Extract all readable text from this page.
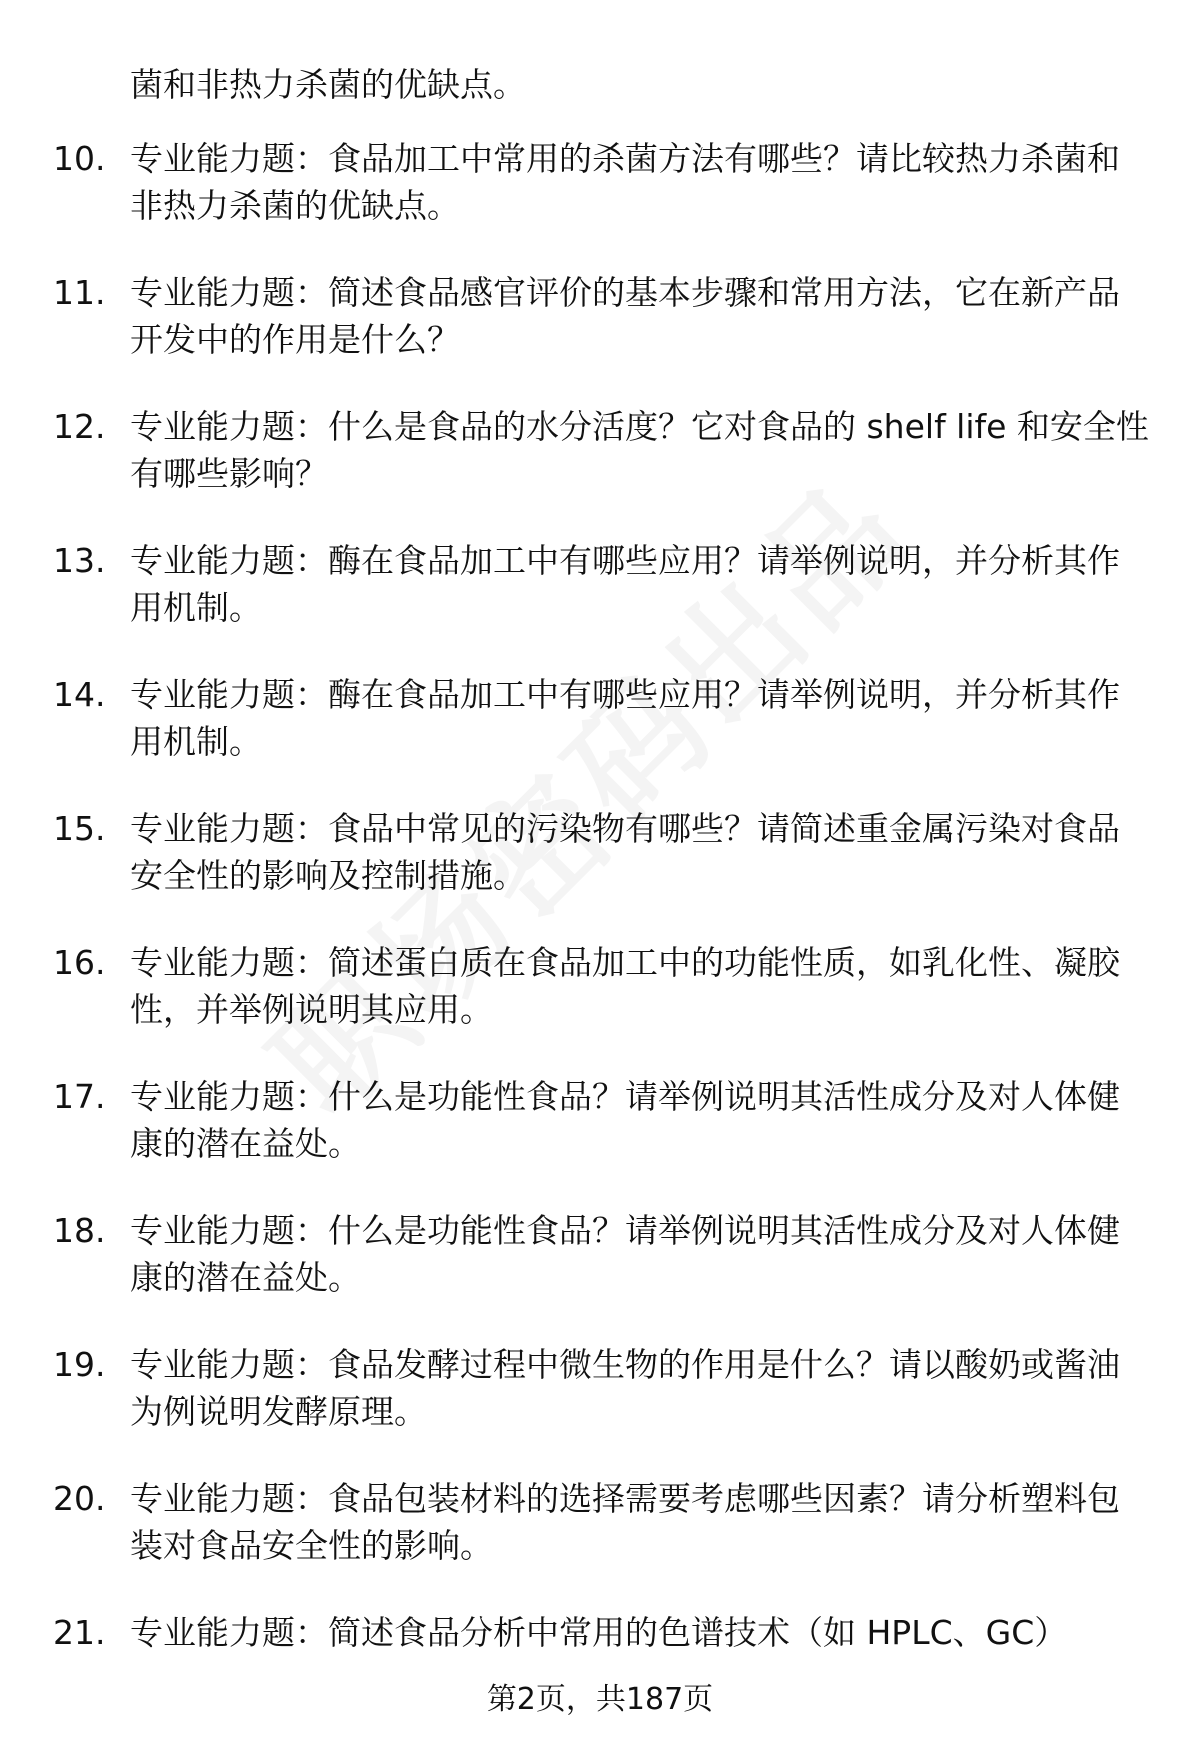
菌和非热力杀菌的优缺点。
10. 专业能力题：食品加工中常用的杀菌方法有哪些？请比较热力杀菌和非热力杀菌的优缺点。
11. 专业能力题：简述食品感官评价的基本步骤和常用方法，它在新产品开发中的作用是什么？
12. 专业能力题：什么是食品的水分活度？它对食品的 shelf life 和安全性有哪些影响？
13. 专业能力题：酶在食品加工中有哪些应用？请举例说明，并分析其作用机制。
14. 专业能力题：酶在食品加工中有哪些应用？请举例说明，并分析其作用机制。
15. 专业能力题：食品中常见的污染物有哪些？请简述重金属污染对食品安全性的影响及控制措施。
16. 专业能力题：简述蛋白质在食品加工中的功能性质，如乳化性、凝胶性，并举例说明其应用。
17. 专业能力题：什么是功能性食品？请举例说明其活性成分及对人体健康的潜在益处。
18. 专业能力题：什么是功能性食品？请举例说明其活性成分及对人体健康的潜在益处。
19. 专业能力题：食品发酵过程中微生物的作用是什么？请以酸奶或酱油为例说明发酵原理。
20. 专业能力题：食品包装材料的选择需要考虑哪些因素？请分析塑料包装对食品安全性的影响。
21. 专业能力题：简述食品分析中常用的色谱技术（如 HPLC、GC）
第2页，共187页
